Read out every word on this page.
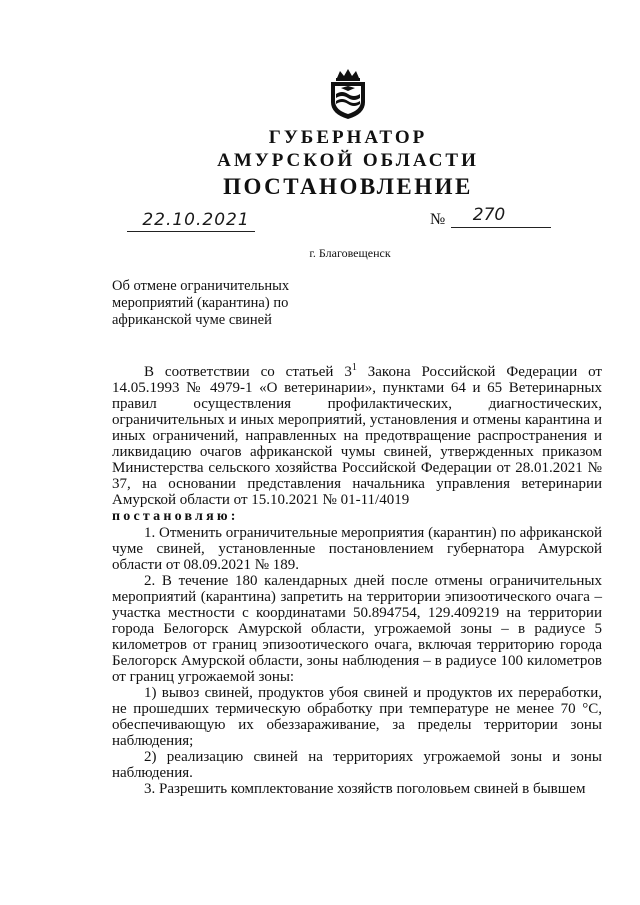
ГУБЕРНАТОР
АМУРСКОЙ ОБЛАСТИ
ПОСТАНОВЛЕНИЕ
22.10.2021	№	270
г. Благовещенск
Об отмене ограничительных мероприятий (карантина) по африканской чуме свиней

В соответствии со статьей $3^1$ Закона Российской Федерации от 14.05.1993 № 4979-1 «О ветеринарии», пунктами 64 и 65 Ветеринарных правил осуществления профилактических, диагностических, ограничительных и иных мероприятий, установления и отмены карантина и иных ограничений, направленных на предотвращение распространения и ликвидацию очагов африканской чумы свиней, утвержденных приказом Министерства сельского хозяйства Российской Федерации от 28.01.2021 № 37, на основании представления начальника управления ветеринарии Амурской области от 15.10.2021 № 01-11/4019

постановляю:

1. Отменить ограничительные мероприятия (карантин) по африканской чуме свиней, установленные постановлением губернатора Амурской области от 08.09.2021 № 189.

2. В течение 180 календарных дней после отмены ограничительных мероприятий (карантина) запретить на территории эпизоотического очага – участка местности с координатами 50.894754, 129.409219 на территории города Белогорск Амурской области, угрожаемой зоны – в радиусе 5 километров от границ эпизоотического очага, включая территорию города Белогорск Амурской области, зоны наблюдения – в радиусе 100 километров от границ угрожаемой зоны:

1) вывоз свиней, продуктов убоя свиней и продуктов их переработки, не прошедших термическую обработку при температуре не менее 70 °С, обеспечивающую их обеззараживание, за пределы территории зоны наблюдения;

2) реализацию свиней на территориях угрожаемой зоны и зоны наблюдения.

3. Разрешить комплектование хозяйств поголовьем свиней в бывшем
